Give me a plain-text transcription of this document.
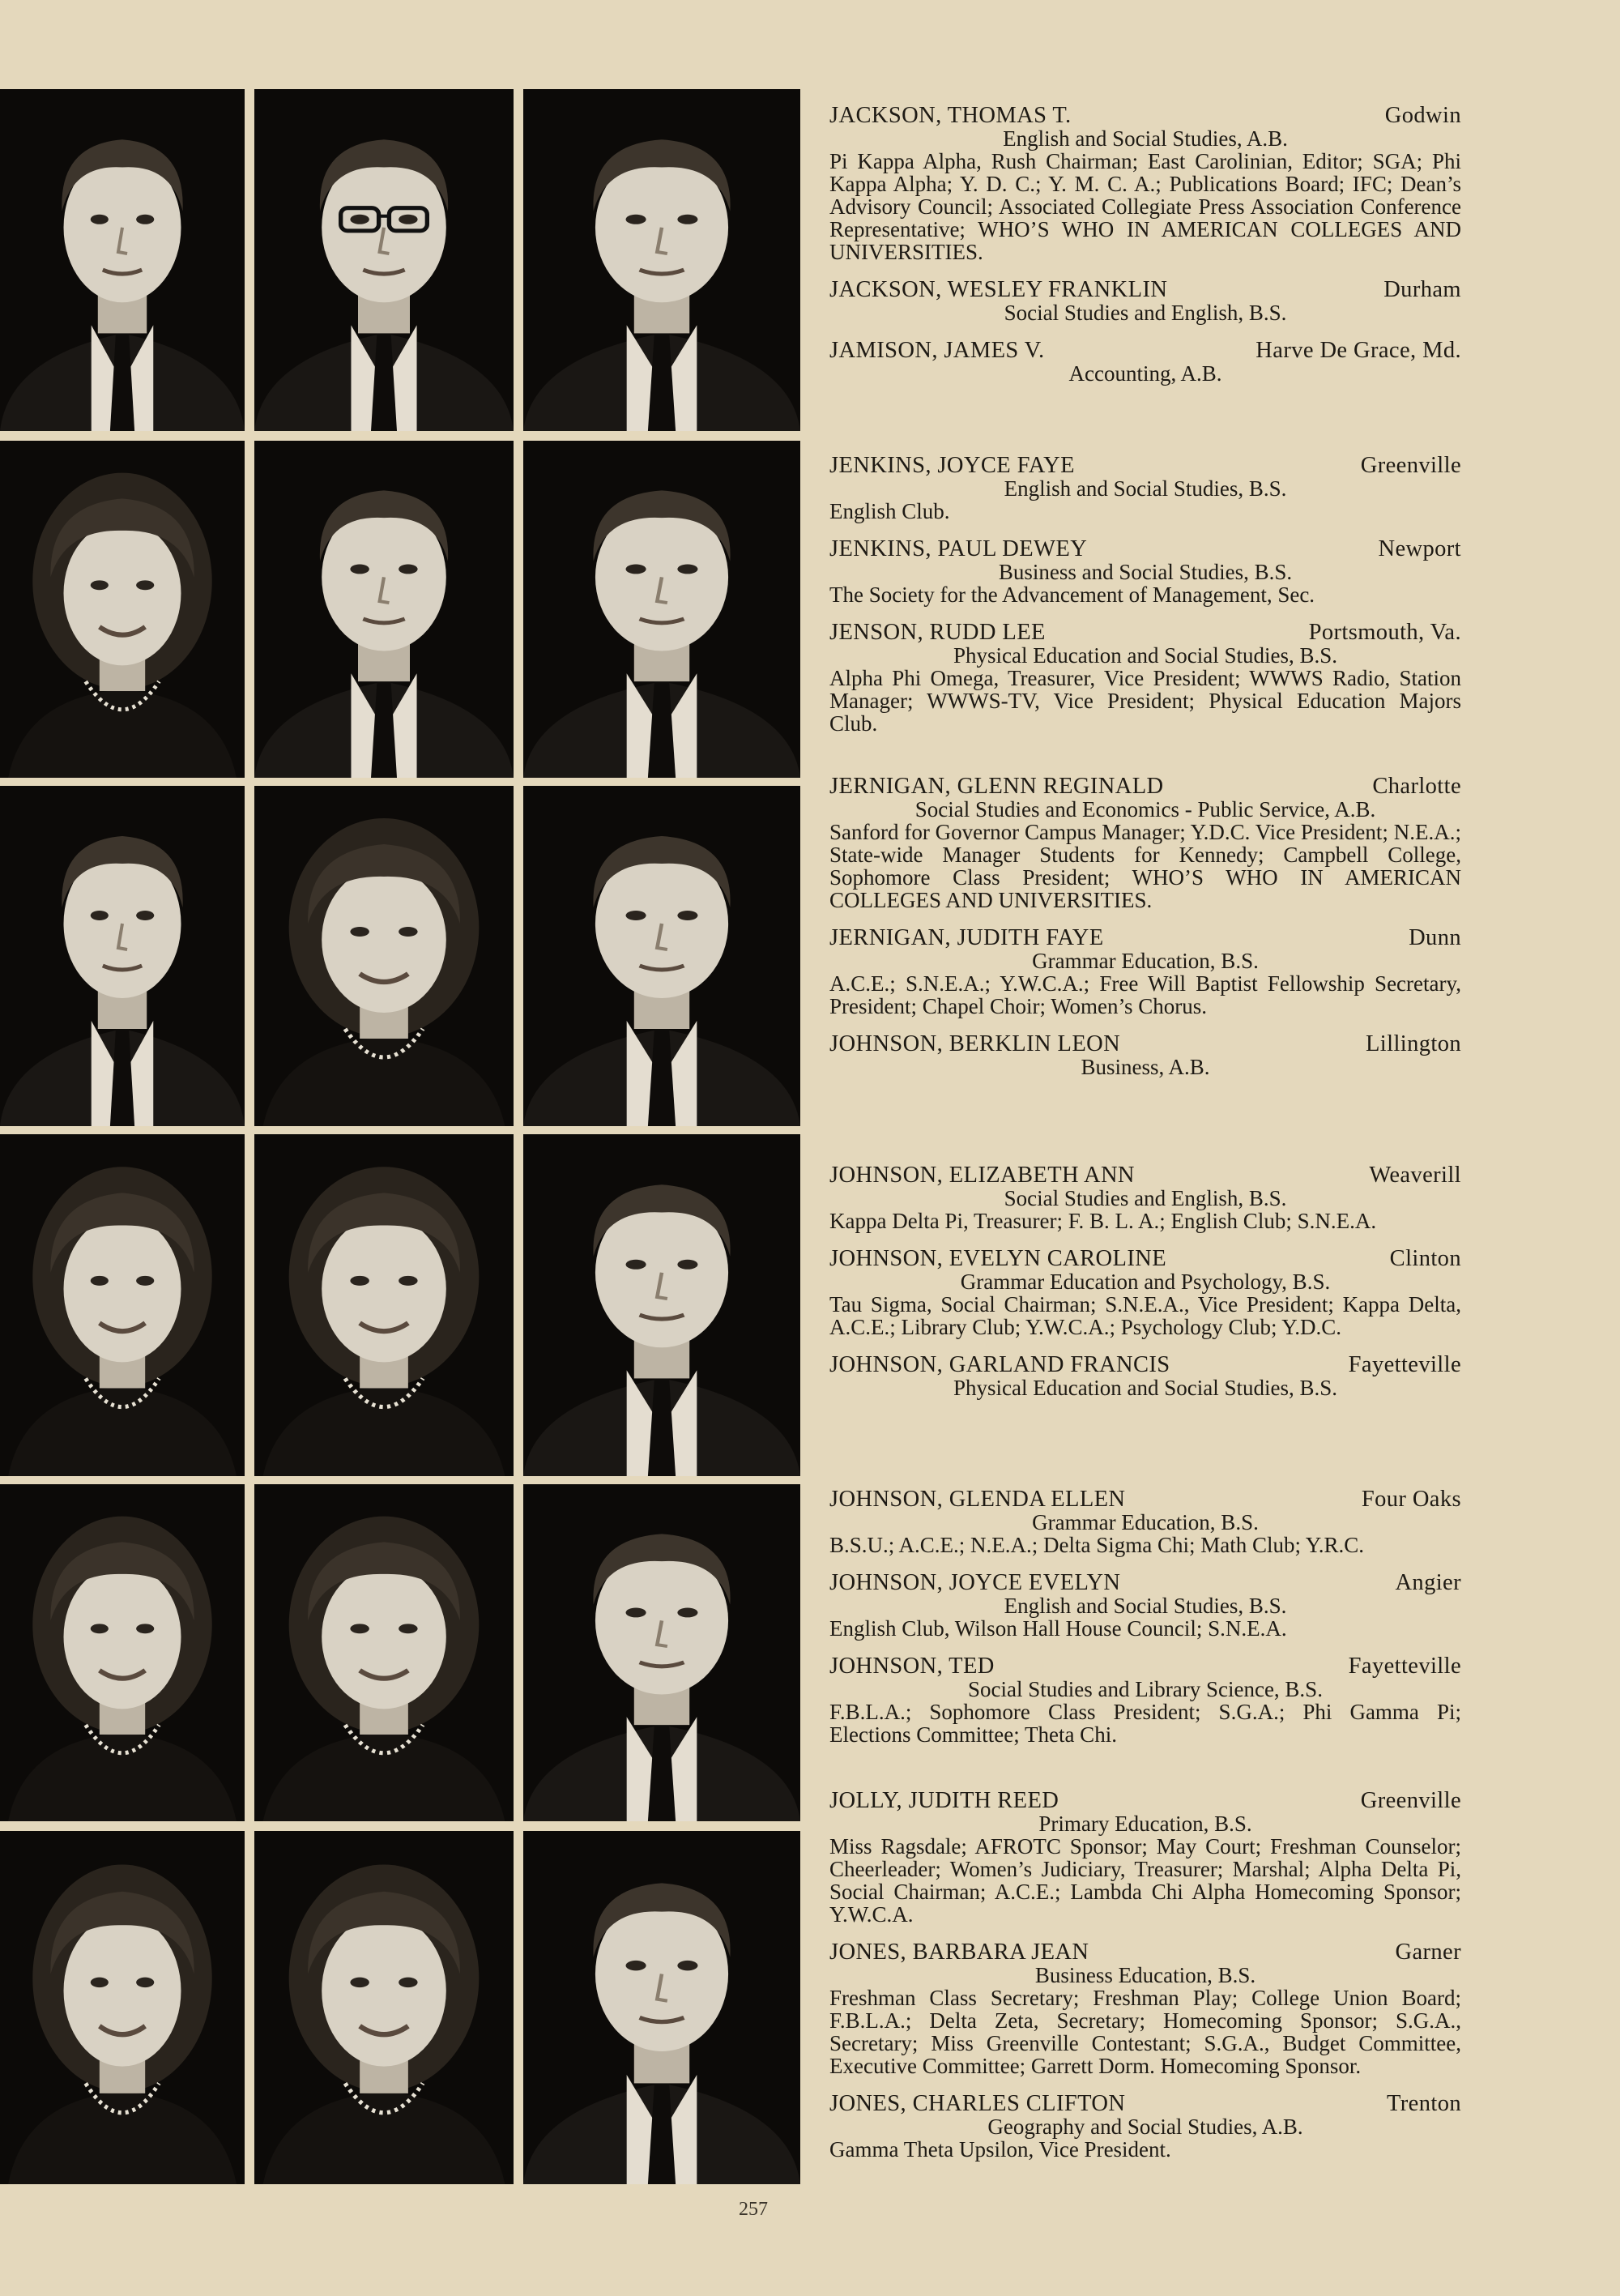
JACKSON, THOMAS T.	Godwin
English and Social Studies, A.B.
Pi Kappa Alpha, Rush Chairman; East Carolinian, Editor; SGA; Phi Kappa Alpha; Y. D. C.; Y. M. C. A.; Publications Board; IFC; Dean’s Advisory Council; Associated Collegiate Press Association Conference Representative; WHO’S WHO IN AMERICAN COLLEGES AND UNIVERSITIES.
JACKSON, WESLEY FRANKLIN	Durham
Social Studies and English, B.S.
JAMISON, JAMES V.	Harve De Grace, Md.
Accounting, A.B.
JENKINS, JOYCE FAYE	Greenville
English and Social Studies, B.S.
English Club.
JENKINS, PAUL DEWEY	Newport
Business and Social Studies, B.S.
The Society for the Advancement of Management, Sec.
JENSON, RUDD LEE	Portsmouth, Va.
Physical Education and Social Studies, B.S.
Alpha Phi Omega, Treasurer, Vice President; WWWS Radio, Station Manager; WWWS-TV, Vice President; Physical Education Majors Club.
JERNIGAN, GLENN REGINALD	Charlotte
Social Studies and Economics - Public Service, A.B.
Sanford for Governor Campus Manager; Y.D.C. Vice President; N.E.A.; State-wide Manager Students for Kennedy; Campbell College, Sophomore Class President; WHO’S WHO IN AMERICAN COLLEGES AND UNIVERSITIES.
JERNIGAN, JUDITH FAYE	Dunn
Grammar Education, B.S.
A.C.E.; S.N.E.A.; Y.W.C.A.; Free Will Baptist Fellowship Secretary, President; Chapel Choir; Women’s Chorus.
JOHNSON, BERKLIN LEON	Lillington
Business, A.B.
JOHNSON, ELIZABETH ANN	Weaverill
Social Studies and English, B.S.
Kappa Delta Pi, Treasurer; F. B. L. A.; English Club; S.N.E.A.
JOHNSON, EVELYN CAROLINE	Clinton
Grammar Education and Psychology, B.S.
Tau Sigma, Social Chairman; S.N.E.A., Vice President; Kappa Delta, A.C.E.; Library Club; Y.W.C.A.; Psychology Club; Y.D.C.
JOHNSON, GARLAND FRANCIS	Fayetteville
Physical Education and Social Studies, B.S.
JOHNSON, GLENDA ELLEN	Four Oaks
Grammar Education, B.S.
B.S.U.; A.C.E.; N.E.A.; Delta Sigma Chi; Math Club; Y.R.C.
JOHNSON, JOYCE EVELYN	Angier
English and Social Studies, B.S.
English Club, Wilson Hall House Council; S.N.E.A.
JOHNSON, TED	Fayetteville
Social Studies and Library Science, B.S.
F.B.L.A.; Sophomore Class President; S.G.A.; Phi Gamma Pi; Elections Committee; Theta Chi.
JOLLY, JUDITH REED	Greenville
Primary Education, B.S.
Miss Ragsdale; AFROTC Sponsor; May Court; Freshman Counselor; Cheerleader; Women’s Judiciary, Treasurer; Marshal; Alpha Delta Pi, Social Chairman; A.C.E.; Lambda Chi Alpha Homecoming Sponsor; Y.W.C.A.
JONES, BARBARA JEAN	Garner
Business Education, B.S.
Freshman Class Secretary; Freshman Play; College Union Board; F.B.L.A.; Delta Zeta, Secretary; Homecoming Sponsor; S.G.A., Secretary; Miss Greenville Contestant; S.G.A., Budget Committee, Executive Committee; Garrett Dorm. Homecoming Sponsor.
JONES, CHARLES CLIFTON	Trenton
Geography and Social Studies, A.B.
Gamma Theta Upsilon, Vice President.
257
